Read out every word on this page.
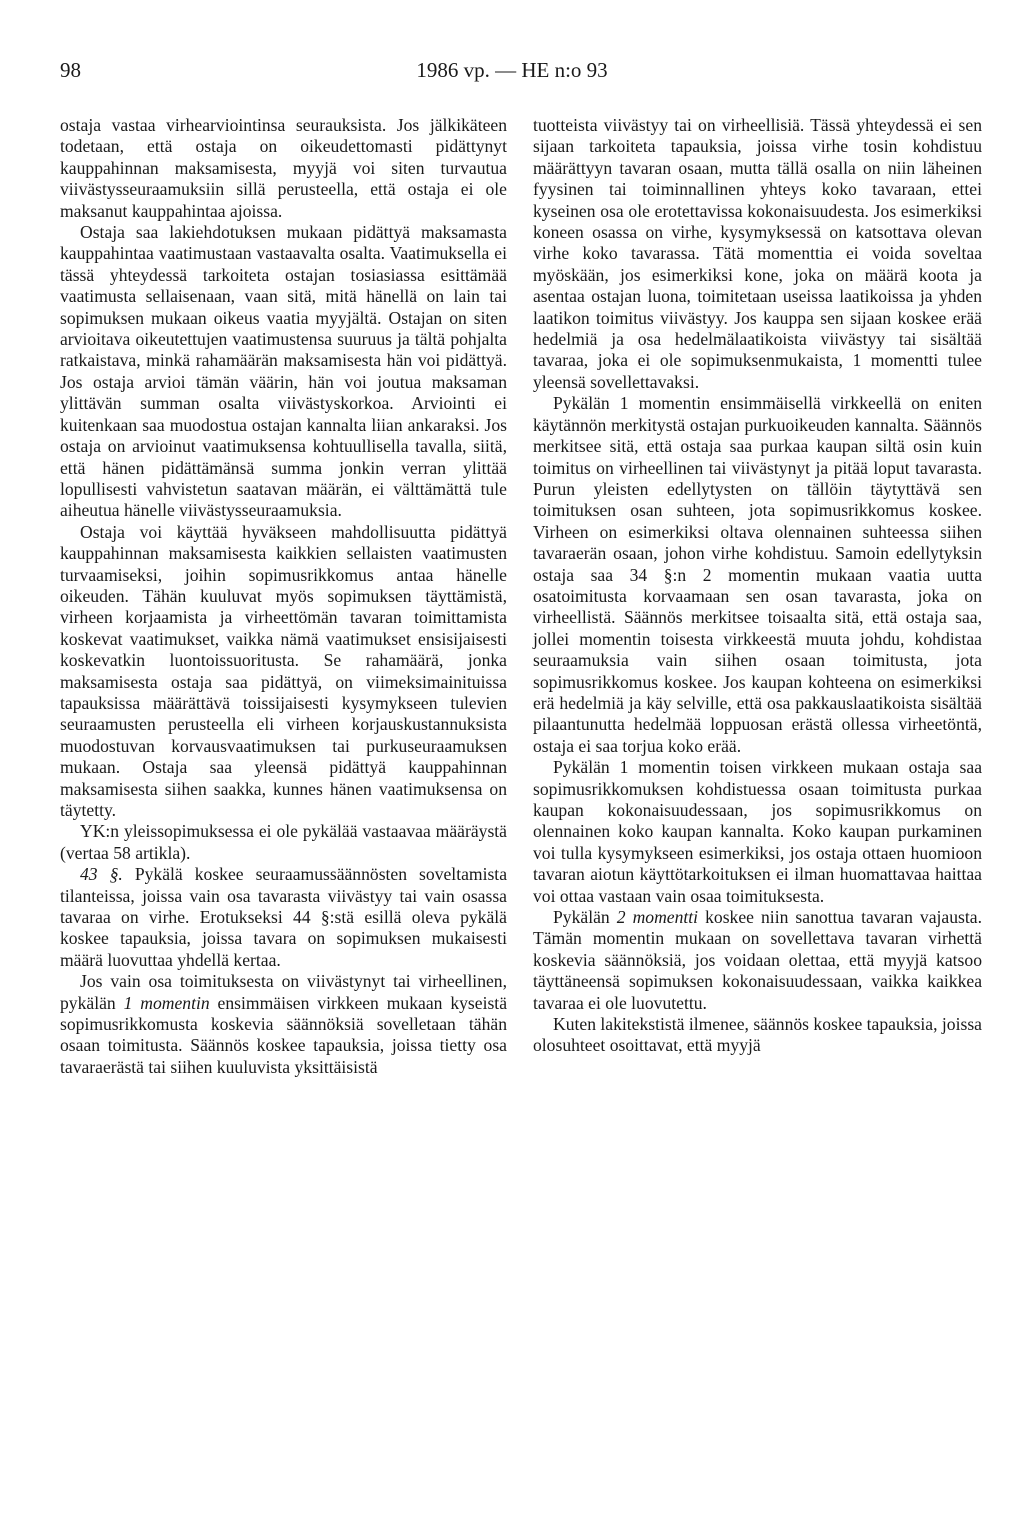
98	1986 vp. — HE n:o 93

ostaja vastaa virhearviointinsa seurauksista. Jos jälkikäteen todetaan, että ostaja on oikeudettomasti pidättynyt kauppahinnan maksamisesta, myyjä voi siten turvautua viivästysseuraamuksiin sillä perusteella, että ostaja ei ole maksanut kauppahintaa ajoissa.

Ostaja saa lakiehdotuksen mukaan pidättyä maksamasta kauppahintaa vaatimustaan vastaavalta osalta. Vaatimuksella ei tässä yhteydessä tarkoiteta ostajan tosiasiassa esittämää vaatimusta sellaisenaan, vaan sitä, mitä hänellä on lain tai sopimuksen mukaan oikeus vaatia myyjältä. Ostajan on siten arvioitava oikeutettujen vaatimustensa suuruus ja tältä pohjalta ratkaistava, minkä rahamäärän maksamisesta hän voi pidättyä. Jos ostaja arvioi tämän väärin, hän voi joutua maksaman ylittävän summan osalta viivästyskorkoa. Arviointi ei kuitenkaan saa muodostua ostajan kannalta liian ankaraksi. Jos ostaja on arvioinut vaatimuksensa kohtuullisella tavalla, siitä, että hänen pidättämänsä summa jonkin verran ylittää lopullisesti vahvistetun saatavan määrän, ei välttämättä tule aiheutua hänelle viivästysseuraamuksia.

Ostaja voi käyttää hyväkseen mahdollisuutta pidättyä kauppahinnan maksamisesta kaikkien sellaisten vaatimusten turvaamiseksi, joihin sopimusrikkomus antaa hänelle oikeuden. Tähän kuuluvat myös sopimuksen täyttämistä, virheen korjaamista ja virheettömän tavaran toimittamista koskevat vaatimukset, vaikka nämä vaatimukset ensisijaisesti koskevatkin luontoissuoritusta. Se rahamäärä, jonka maksamisesta ostaja saa pidättyä, on viimeksimainituissa tapauksissa määrättävä toissijaisesti kysymykseen tulevien seuraamusten perusteella eli virheen korjauskustannuksista muodostuvan korvausvaatimuksen tai purkuseuraamuksen mukaan. Ostaja saa yleensä pidättyä kauppahinnan maksamisesta siihen saakka, kunnes hänen vaatimuksensa on täytetty.

YK:n yleissopimuksessa ei ole pykälää vastaavaa määräystä (vertaa 58 artikla).

43 §. Pykälä koskee seuraamussäännösten soveltamista tilanteissa, joissa vain osa tavarasta viivästyy tai vain osassa tavaraa on virhe. Erotukseksi 44 §:stä esillä oleva pykälä koskee tapauksia, joissa tavara on sopimuksen mukaisesti määrä luovuttaa yhdellä kertaa.

Jos vain osa toimituksesta on viivästynyt tai virheellinen, pykälän 1 momentin ensimmäisen virkkeen mukaan kyseistä sopimusrikkomusta koskevia säännöksiä sovelletaan tähän osaan toimitusta. Säännös koskee tapauksia, joissa tietty osa tavaraerästä tai siihen kuuluvista yksittäisistä

tuotteista viivästyy tai on virheellisiä. Tässä yhteydessä ei sen sijaan tarkoiteta tapauksia, joissa virhe tosin kohdistuu määrättyyn tavaran osaan, mutta tällä osalla on niin läheinen fyysinen tai toiminnallinen yhteys koko tavaraan, ettei kyseinen osa ole erotettavissa kokonaisuudesta. Jos esimerkiksi koneen osassa on virhe, kysymyksessä on katsottava olevan virhe koko tavarassa. Tätä momenttia ei voida soveltaa myöskään, jos esimerkiksi kone, joka on määrä koota ja asentaa ostajan luona, toimitetaan useissa laatikoissa ja yhden laatikon toimitus viivästyy. Jos kauppa sen sijaan koskee erää hedelmiä ja osa hedelmälaatikoista viivästyy tai sisältää tavaraa, joka ei ole sopimuksenmukaista, 1 momentti tulee yleensä sovellettavaksi.

Pykälän 1 momentin ensimmäisellä virkkeellä on eniten käytännön merkitystä ostajan purkuoikeuden kannalta. Säännös merkitsee sitä, että ostaja saa purkaa kaupan siltä osin kuin toimitus on virheellinen tai viivästynyt ja pitää loput tavarasta. Purun yleisten edellytysten on tällöin täytyttävä sen toimituksen osan suhteen, jota sopimusrikkomus koskee. Virheen on esimerkiksi oltava olennainen suhteessa siihen tavaraerän osaan, johon virhe kohdistuu. Samoin edellytyksin ostaja saa 34 §:n 2 momentin mukaan vaatia uutta osatoimitusta korvaamaan sen osan tavarasta, joka on virheellistä. Säännös merkitsee toisaalta sitä, että ostaja saa, jollei momentin toisesta virkkeestä muuta johdu, kohdistaa seuraamuksia vain siihen osaan toimitusta, jota sopimusrikkomus koskee. Jos kaupan kohteena on esimerkiksi erä hedelmiä ja käy selville, että osa pakkauslaatikoista sisältää pilaantunutta hedelmää loppuosan erästä ollessa virheetöntä, ostaja ei saa torjua koko erää.

Pykälän 1 momentin toisen virkkeen mukaan ostaja saa sopimusrikkomuksen kohdistuessa osaan toimitusta purkaa kaupan kokonaisuudessaan, jos sopimusrikkomus on olennainen koko kaupan kannalta. Koko kaupan purkaminen voi tulla kysymykseen esimerkiksi, jos ostaja ottaen huomioon tavaran aiotun käyttötarkoituksen ei ilman huomattavaa haittaa voi ottaa vastaan vain osaa toimituksesta.

Pykälän 2 momentti koskee niin sanottua tavaran vajausta. Tämän momentin mukaan on sovellettava tavaran virhettä koskevia säännöksiä, jos voidaan olettaa, että myyjä katsoo täyttäneensä sopimuksen kokonaisuudessaan, vaikka kaikkea tavaraa ei ole luovutettu.

Kuten lakitekstistä ilmenee, säännös koskee tapauksia, joissa olosuhteet osoittavat, että myyjä
